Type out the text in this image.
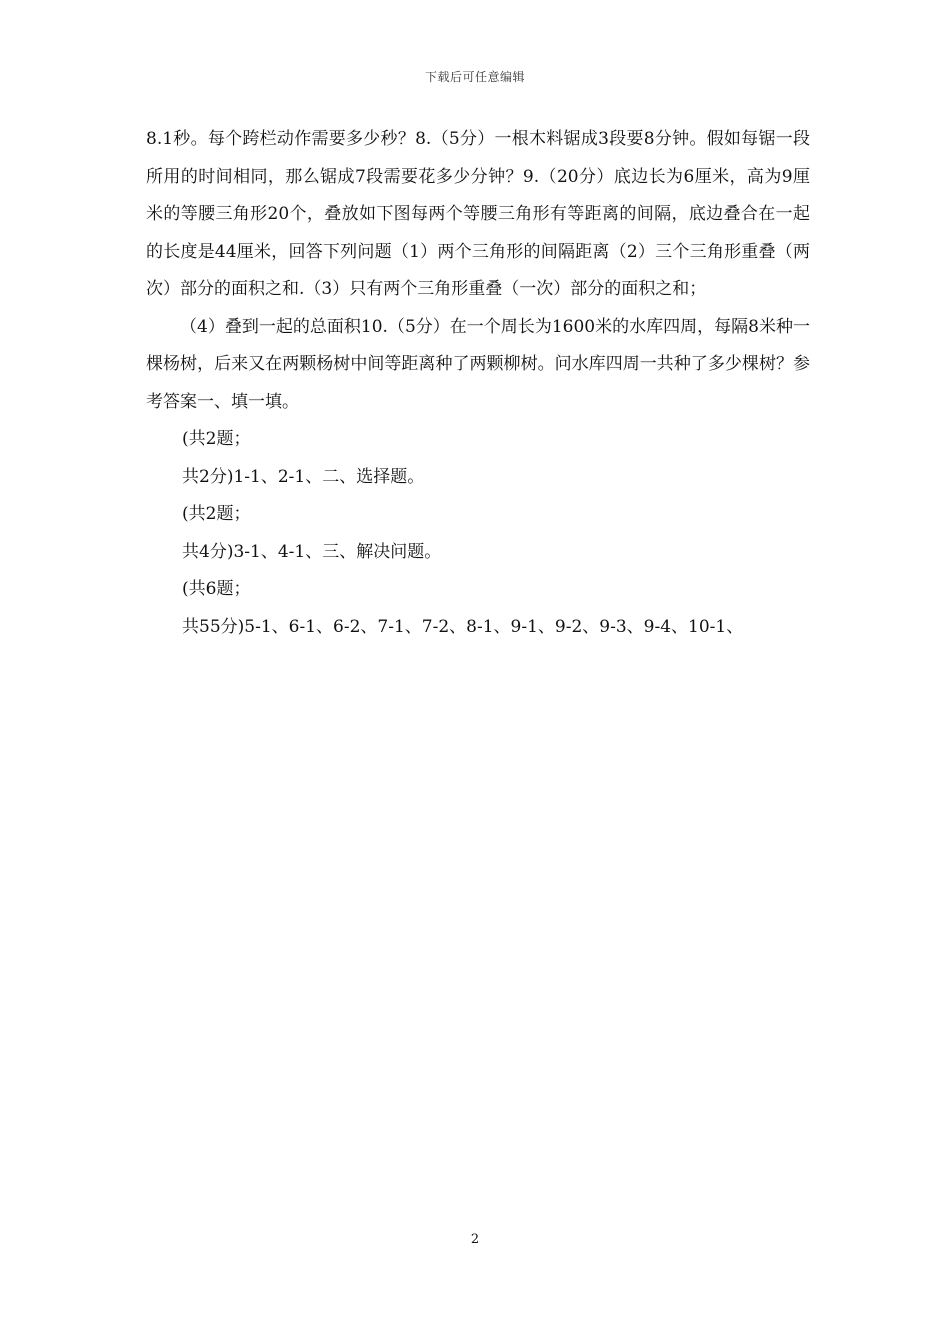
下载后可任意编辑

8.1秒。每个跨栏动作需要多少秒？8.（5分）一根木料锯成3段要8分钟。假如每锯一段所用的时间相同，那么锯成7段需要花多少分钟？9.（20分）底边长为6厘米，高为9厘米的等腰三角形20个，叠放如下图每两个等腰三角形有等距离的间隔，底边叠合在一起的长度是44厘米，回答下列问题（1）两个三角形的间隔距离（2）三个三角形重叠（两次）部分的面积之和.（3）只有两个三角形重叠（一次）部分的面积之和；

（4）叠到一起的总面积10.（5分）在一个周长为1600米的水库四周，每隔8米种一棵杨树，后来又在两颗杨树中间等距离种了两颗柳树。问水库四周一共种了多少棵树？参考答案一、填一填。

(共2题；

共2分)1-1、2-1、二、选择题。

(共2题；

共4分)3-1、4-1、三、解决问题。

(共6题；

共55分)5-1、6-1、6-2、7-1、7-2、8-1、9-1、9-2、9-3、9-4、10-1、

2
